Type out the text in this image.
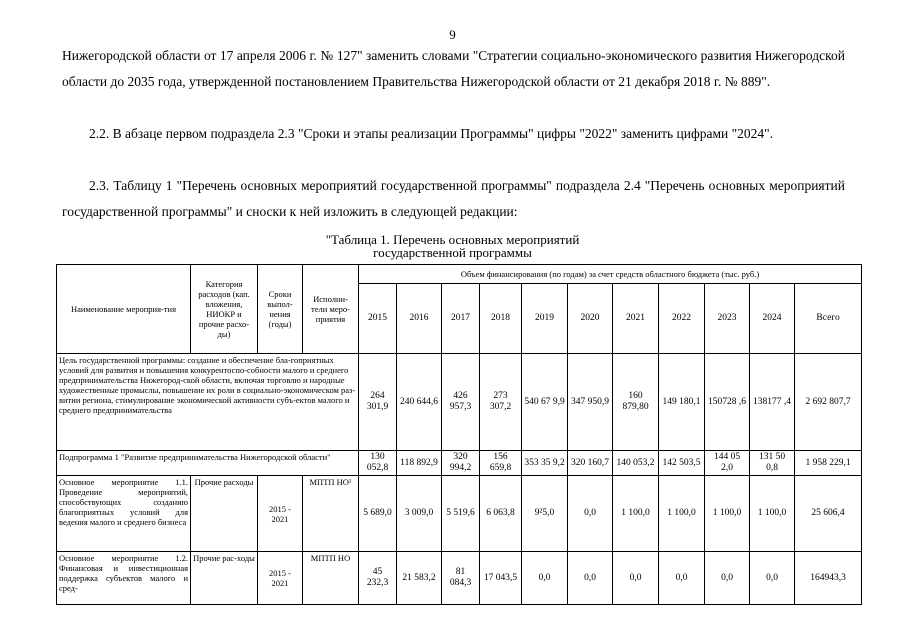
9
Нижегородской области от 17 апреля 2006 г. № 127" заменить словами "Стратегии социально-экономического развития Нижегородской области до 2035 года, утвержденной постановлением Правительства Нижегородской области от 21 декабря 2018 г. № 889".
2.2. В абзаце первом подраздела 2.3 "Сроки и этапы реализации Программы" цифры "2022" заменить цифрами "2024".
2.3. Таблицу 1 "Перечень основных мероприятий государственной программы" подраздела 2.4 "Перечень основных мероприятий государственной программы" и сноски к ней изложить в следующей редакции:
"Таблица 1. Перечень основных мероприятий
государственной программы
Наименование мероприя-тия	Категория расходов (кап. вложения, НИОКР и прочие расхо-ды)	Сроки выпол-нения (годы)	Исполни-тели меро-приятия	Объем финансирования (по годам) за счет средств областного бюджета (тыс. руб.)										
				2015	2016	2017	2018	2019	2020	2021	2022	2023	2024	Всего
Цель государственной программы: создание и обеспечение бла-гоприятных условий для развития и повышения конкурентоспо-собности малого и среднего предпринимательства Нижегород-ской области, включая торговлю и народные художественные промыслы, повышение их роли в социально-экономическом раз-витии региона, стимулирование экономической активности субъ-ектов малого и среднего предпринимательства				264 301,9	240 644,6	426 957,3	273 307,2	540 67 9,9	347 950,9	160 879,80	149 180,1	150728 ,6	138177 ,4	2 692 807,7
Подпрограмма 1 "Развитие предпринимательства Нижегородской области"				130 052,8	118 892,9	320 994,2	156 659,8	353 35 9,2	320 160,7	140 053,2	142 503,5	144 05 2,0	131 50 0,8	1 958 229,1
Основное мероприятие 1.1. Проведение мероприятий, способствующих созданию благоприятных условий для ведения малого и среднего бизнеса	Прочие расходы	2015 - 2021	МПТП НО¹	5 689,0	3 009,0	5 519,6	6 063,8	9²5,0	0,0	1 100,0	1 100,0	1 100,0	1 100,0	25 606,4
Основное мероприятие 1.2. Финансовая и инвестиционная поддержка субъектов малого и сред-	Прочие рас-ходы	2015 - 2021	МПТП НО	45 232,3	21 583,2	81 084,3	17 043,5	0,0	0,0	0,0	0,0	0,0	0,0	164943,3
